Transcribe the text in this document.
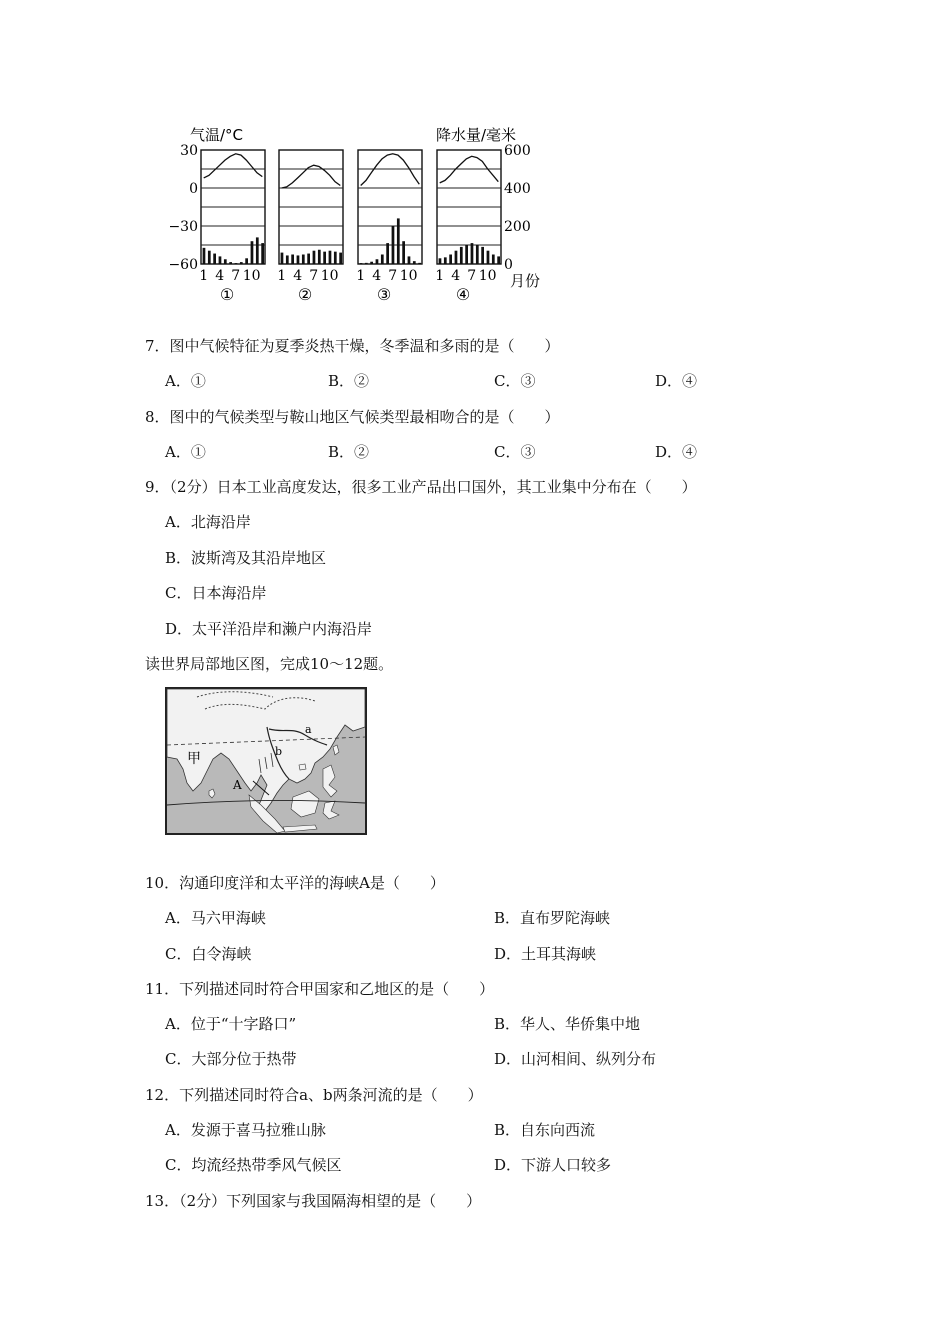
气温/°C	降水量/毫米
30
0
−30
−60
600
400
200
0
1 4 7 10
①
1 4 7 10
②
1 4 7 10
③
1 4 7 10
④
月份
7．图中气候特征为夏季炎热干燥，冬季温和多雨的是（　　）
A．①	B．②	C．③	D．④
8．图中的气候类型与鞍山地区气候类型最相吻合的是（　　）
A．①	B．②	C．③	D．④
9．（2分）日本工业高度发达，很多工业产品出口国外，其工业集中分布在（　　）
A．北海沿岸
B．波斯湾及其沿岸地区
C．日本海沿岸
D．太平洋沿岸和濑户内海沿岸
读世界局部地区图，完成10～12题。
甲
A
a
b
10．沟通印度洋和太平洋的海峡A是（　　）
A．马六甲海峡	B．直布罗陀海峡
C．白令海峡	D．土耳其海峡
11．下列描述同时符合甲国家和乙地区的是（　　）
A．位于“十字路口”	B．华人、华侨集中地
C．大部分位于热带	D．山河相间、纵列分布
12．下列描述同时符合a、b两条河流的是（　　）
A．发源于喜马拉雅山脉	B．自东向西流
C．均流经热带季风气候区	D．下游人口较多
13．（2分）下列国家与我国隔海相望的是（　　）
